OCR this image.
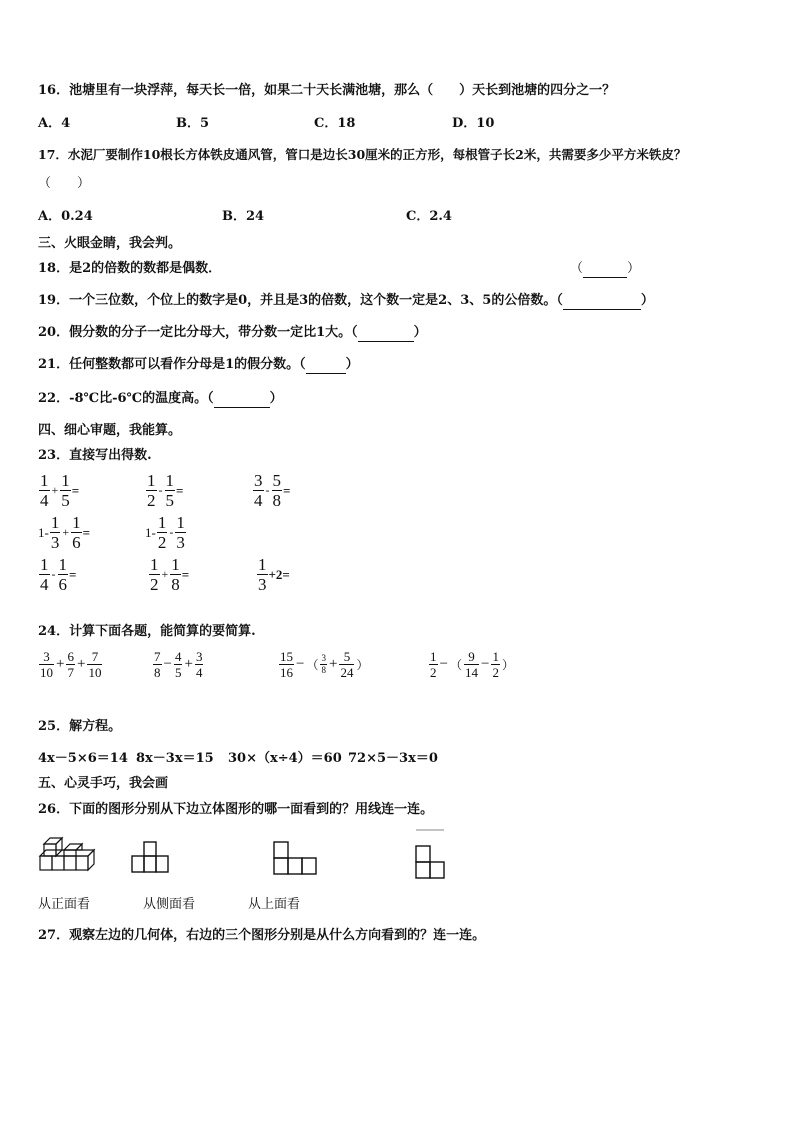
16．池塘里有一块浮萍，每天长一倍，如果二十天长满池塘，那么（　　）天长到池塘的四分之一？
A．4	B．5	C．18	D．10
17．水泥厂要制作10根长方体铁皮通风管，管口是边长30厘米的正方形，每根管子长2米，共需要多少平方米铁皮？
（　　）
A．0.24	B．24	C．2.4
三、火眼金睛，我会判。
18．是2的倍数的数都是偶数．	（	）
19．一个三位数，个位上的数字是0，并且是3的倍数，这个数一定是2、3、5的公倍数。（	）
20．假分数的分子一定比分母大，带分数一定比1大。（	）
21．任何整数都可以看作分母是1的假分数。（	）
22．-8℃比-6℃的温度高。（	）
四、细心审题，我能算。
23．直接写出得数.
$\frac{1}{4} + \frac{1}{5}$ =	$\frac{1}{2} - \frac{1}{5}$ =	$\frac{3}{4} - \frac{5}{8}$ =
$1- \frac{1}{3} + \frac{1}{6}$ =	$1- \frac{1}{2} - \frac{1}{3}$
$\frac{1}{4} - \frac{1}{6}$ =	$\frac{1}{2} + \frac{1}{8}$ =	$\frac{1}{3} +2=$
24．计算下面各题，能简算的要简算.
$\frac{3}{10} + \frac{6}{7} + \frac{7}{10}$	$\frac{7}{8} - \frac{4}{5} + \frac{3}{4}$	$\frac{15}{16}$ − （ $\frac{3}{8} + \frac{5}{24}$ ）	$\frac{1}{2}$ − （ $\frac{9}{14} - \frac{1}{2}$ ）
25．解方程。
4x－5×6＝14 8x－3x＝15 30×（x÷4）＝60 72×5－3x＝0
五、心灵手巧，我会画
26．下面的图形分别从下边立体图形的哪一面看到的？用线连一连。
从正面看	从侧面看	从上面看
27．观察左边的几何体，右边的三个图形分别是从什么方向看到的？连一连。
